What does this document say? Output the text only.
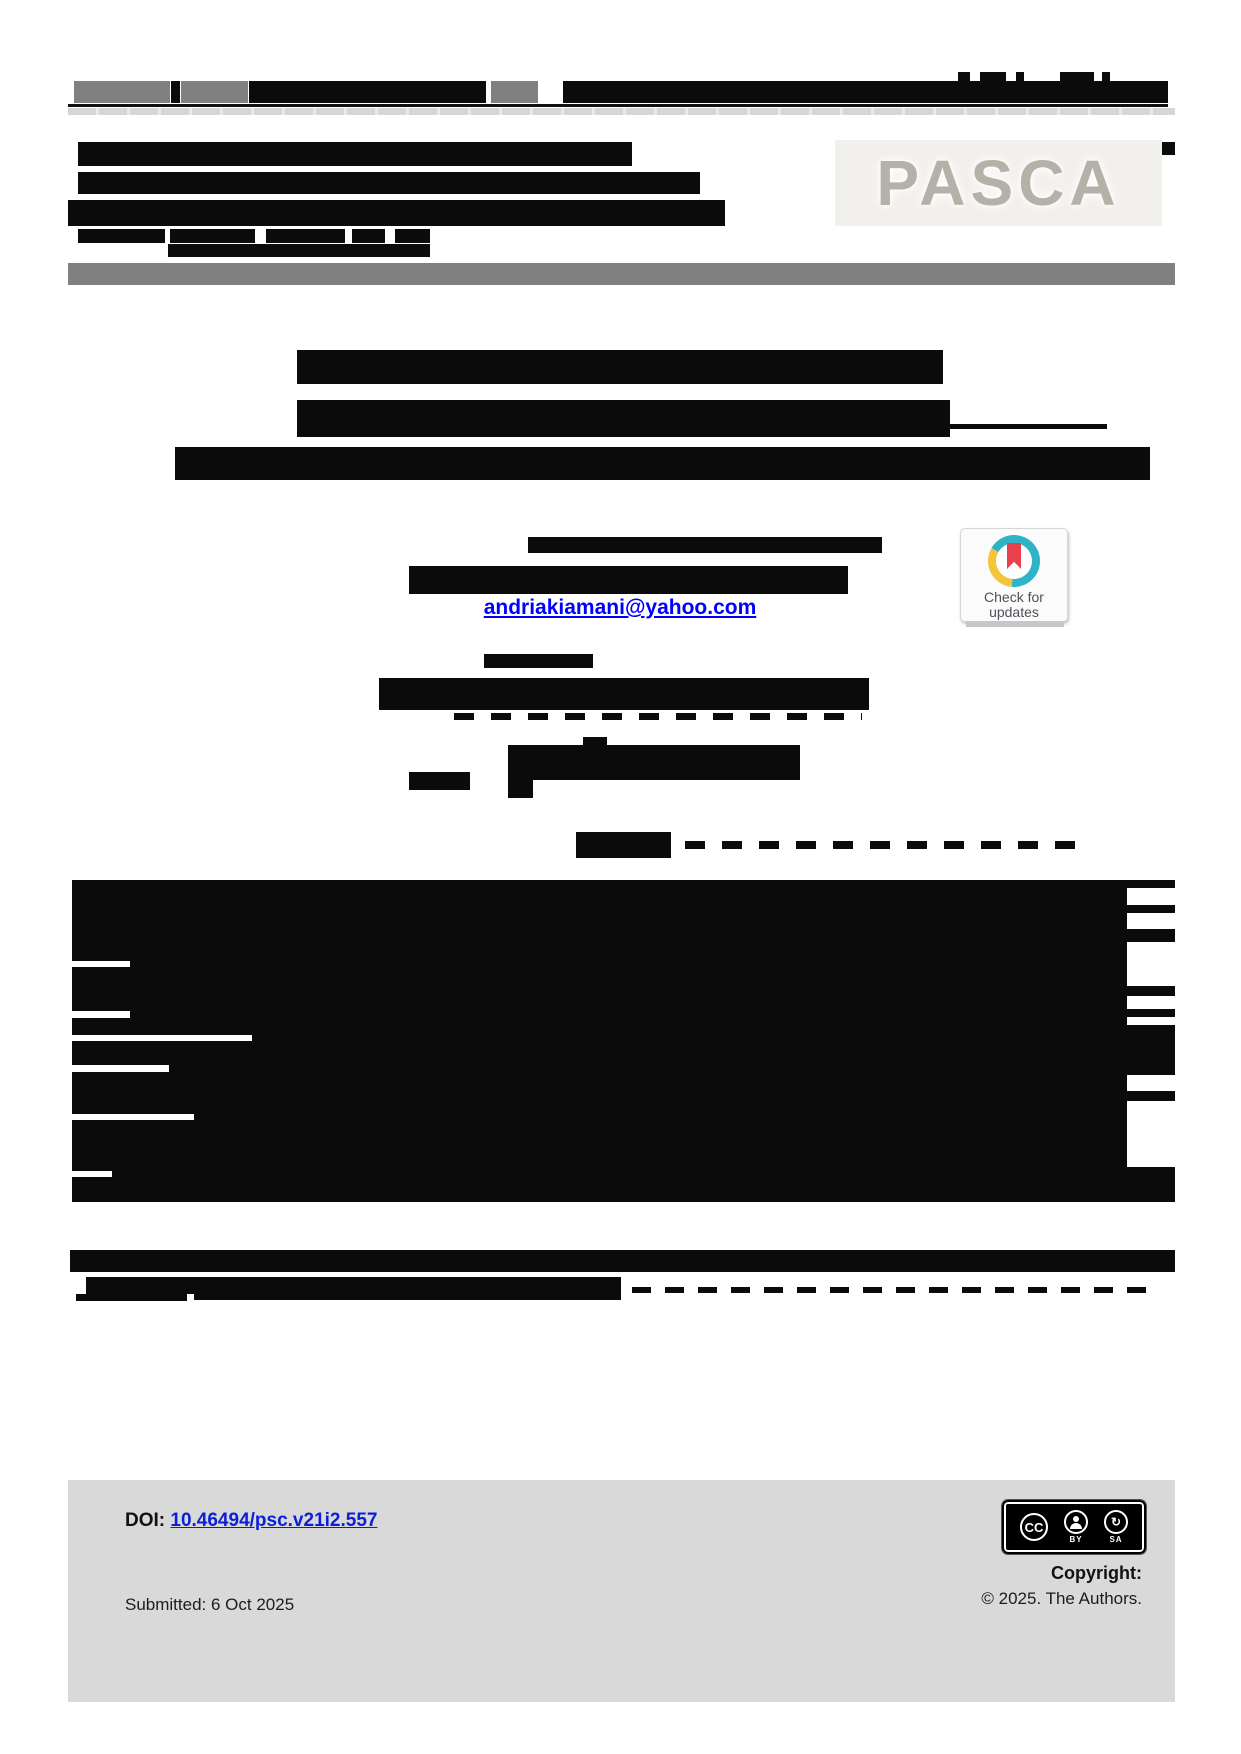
PASCA
andriakiamani@yahoo.com	Check for
updates
DOI: 10.46494/psc.v21i2.557
Submitted: 6 Oct 2025
Copyright:
© 2025. The Authors.
CC
BY
↻
SA
